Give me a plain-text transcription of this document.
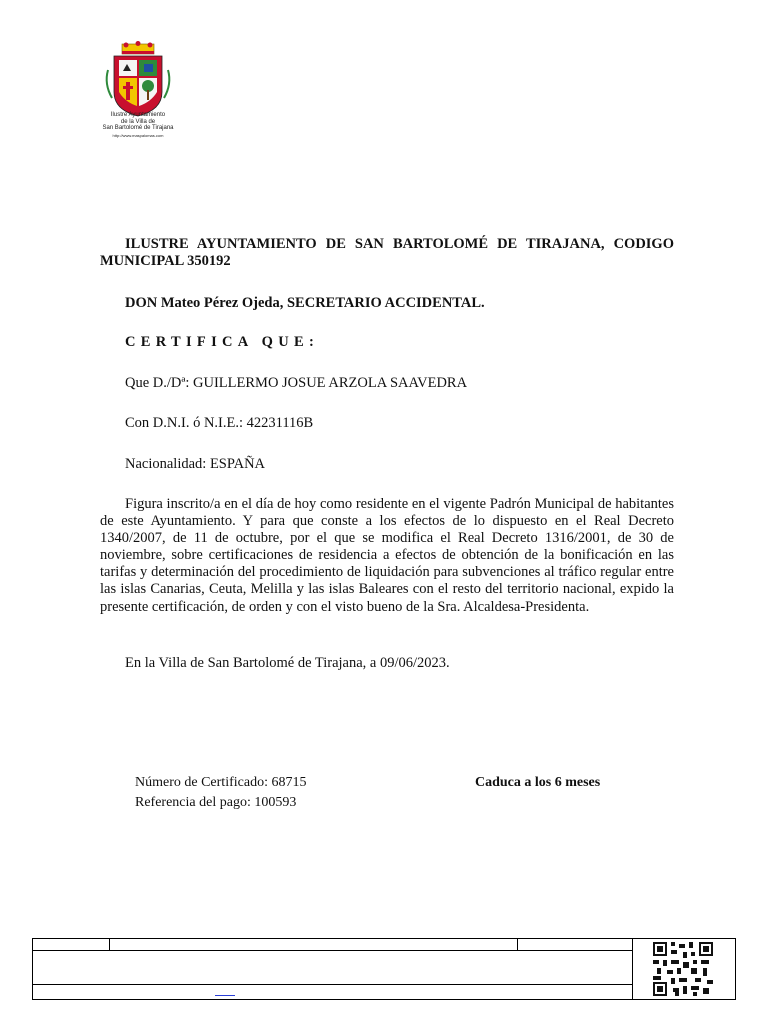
Ilustre Ayuntamiento
de la Villa de
San Bartolomé de Tirajana
http://www.maspalomas.com
ILUSTRE AYUNTAMIENTO DE SAN BARTOLOMÉ DE TIRAJANA, CODIGO MUNICIPAL 350192
DON Mateo Pérez Ojeda, SECRETARIO ACCIDENTAL.
CERTIFICA QUE:
Que D./Dª: GUILLERMO JOSUE ARZOLA SAAVEDRA
Con D.N.I. ó N.I.E.: 42231116B
Nacionalidad: ESPAÑA
Figura inscrito/a en el día de hoy como residente en el vigente Padrón Municipal de habitantes de este Ayuntamiento. Y para que conste a los efectos de lo dispuesto en el Real Decreto 1340/2007, de 11 de octubre, por el que se modifica el Real Decreto 1316/2001, de 30 de noviembre, sobre certificaciones de residencia a efectos de obtención de la bonificación en las tarifas y determinación del procedimiento de liquidación para subvenciones al tráfico regular entre las islas Canarias, Ceuta, Melilla y las islas Baleares con el resto del territorio nacional, expido la presente certificación, de orden y con el visto bueno de la Sra. Alcaldesa-Presidenta.
En la Villa de San Bartolomé de Tirajana, a 09/06/2023.
Número de Certificado: 68715	Caduca a los 6 meses
Referencia del pago: 100593
